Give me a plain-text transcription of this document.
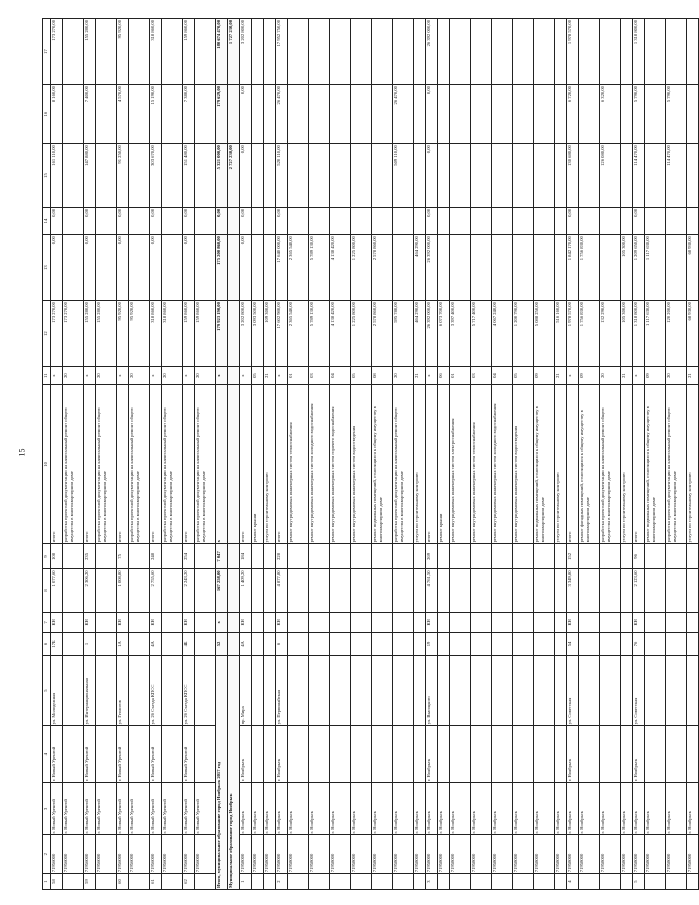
15
1	2	3	4	5	6	7	8	9	10	11	12	13	14	15	16	17
58	71956000	г. Новый Уренгой	г. Новый Уренгой	ул. Молодежная	17Б	КН	1 077,60	108	итого	х	173 270,00	0,00	0,00	161 110,00	8 160,00	173 270,00
	71956000	г. Новый Уренгой							разработка проектной документации на капитальный ремонт общего имущества в многоквартирном доме	20	173 270,00					
59	71956000	г. Новый Уренгой	г. Новый Уренгой	ул. Интернациональная	1	КН	2 306,20	235	итого	х	155 280,00	0,00	0,00	147 880,00	7 400,00	155 280,00
	71956000	г. Новый Уренгой							разработка проектной документации на капитальный ремонт общего имущества в многоквартирном доме	20	155 280,00					
60	71956000	г. Новый Уренгой	г. Новый Уренгой	ул. Геологов	1А	КН	1 008,80	75	итого	х	95 920,00	0,00	0,00	91 250,00	4 570,00	95 920,00
	71956000	г. Новый Уренгой							разработка проектной документации на капитальный ремонт общего имущества в многоквартирном доме	20	95 920,00					
61	71956000	г. Новый Уренгой	г. Новый Уренгой	ул. 26 Съезда КПСС	4А	КН	2 755,60	248	итого	х	318 860,00	0,00	0,00	303 670,00	15 190,00	318 860,00
	71956000	г. Новый Уренгой							разработка проектной документации на капитальный ремонт общего имущества в многоквартирном доме	20	318 860,00					
62	71956000	г. Новый Уренгой	г. Новый Уренгой	ул. 26 Съезда КПСС	4Б	КН	2 243,20	254	итого	х	159 860,00	0,00	0,00	151 480,00	7 380,00	159 860,00
	71956000	г. Новый Уренгой							разработка проектной документации на капитальный ремонт общего имущества в многоквартирном доме	20	159 860,00					
Итого, муниципальное образование город Ноябрьск 2017 год					52	х	167 258,00	7 047	х	х	179 923 190,00	175 200 860,00	0,00	5 321 000,00	179 629,00	180 674 470,00
Муниципальное образование город Ноябрьск														2 727 230,00		1 727 230,00
1	71958000	г. Ноябрьск	г. Ноябрьск	пр. Мира	4А	КН	1 409,20	184	итого	х	3 202 800,00	0,00	0,00	0,00	0,00	3 202 800,00
	71958000	г. Ноябрьск							ремонт крыши	05	3 093 500,00					
	71958000	г. Ноябрьск							услуги по строительному контролю	21	109 300,00					
2	71958000	г. Ноябрьск	г. Ноябрьск	ул. Первомайская	6	КН	4 877,80	228	итого	х	17 602 980,00	17 640 000,00	0,00	520 110,00	26 470,00	17 952 750,00
	71958000	г. Ноябрьск							ремонт внутридомовых инженерных систем теплоснабжения	01	2 365 540,00	2 365 540,00				
	71958000	г. Ноябрьск							ремонт внутридомовых инженерных систем холодного водоснабжения	03	5 789 130,00	5 789 130,00				
	71958000	г. Ноябрьск							ремонт внутридомовых инженерных систем горячего водоснабжения	04	4 138 420,00	4 138 420,00				
	71958000	г. Ноябрьск							ремонт внутридомовых инженерных систем водоотведения	05	1 225 800,00	1 225 800,00				
	71958000	г. Ноябрьск							ремонт подвальных помещений, относящихся к общему имуществу в многоквартирном доме	08	2 578 860,00	2 578 860,00				
	71958000	г. Ноябрьск							разработка проектной документации на капитальный ремонт общего имущества в многоквартирном доме	20	595 780,00			509 110,00	26 470,00	
	71958000	г. Ноябрьск							услуги по строительному контролю	21	464 290,00	464 290,00				
3	71958000	г. Ноябрьск	г. Ноябрьск	ул. Высоцкого	19	КН	4 761,50	269	итого	х	26 392 000,00	26 392 000,00	0,00	0,00	0,00	26 392 000,00
	71958000	г. Ноябрьск							ремонт крыши	06	6 073 700,00					
	71958000	г. Ноябрьск							ремонт внутридомовых инженерных систем электроснабжения	01	3 397 400,00					
	71958000	г. Ноябрьск							ремонт внутридомовых инженерных систем теплоснабжения	03	5 717 400,00					
	71958000	г. Ноябрьск							ремонт внутридомовых инженерных систем холодного водоснабжения	04	4 067 240,00					
	71958000	г. Ноябрьск							ремонт внутридомовых инженерных систем водоотведения	05	1 200 790,00					
	71958000	г. Ноябрьск							ремонт подвальных помещений, относящихся к общему имуществу в многоквартирном доме	09	5 088 250,00					
	71958000	г. Ноябрьск							услуги по строительному контролю	21	516 160,00					
4	71958000	г. Ноябрьск	г. Ноябрьск	ул. Советская	54	КН	3 349,80	152	итого	х	1 978 570,00	1 842 170,00	0,00	130 680,00	6 720,00	1 978 570,00
	71958000	г. Ноябрьск							ремонт фасадных помещений, относящихся к общему имуществу в многоквартирном доме	09	1 756 830,00	1 756 830,00				
	71958000	г. Ноябрьск							разработка проектной документации на капитальный ремонт общего имущества в многоквартирном доме	20	132 290,00			126 080,00	6 320,00	
	71958000	г. Ноябрьск							услуги по строительному контролю	21	105 300,00	105 300,00				
5	71958000	г. Ноябрьск	г. Ноябрьск	ул. Советская	76	КН	2 123,60	96	итого	х	1 318 800,00	1 209 650,00	0,00	114 470,00	5 790,00	1 318 800,00
	71958000	г. Ноябрьск							ремонт подвальных помещений, относящихся к общему имуществу в многоквартирном доме	09	1 117 630,00	1 117 630,00				
	71958000	г. Ноябрьск							разработка проектной документации на капитальный ремонт общего имущества в многоквартирном доме	20	120 200,00			114 470,00	5 790,00	
	71958000	г. Ноябрьск							услуги по строительному контролю	21	68 930,00	68 930,00				
